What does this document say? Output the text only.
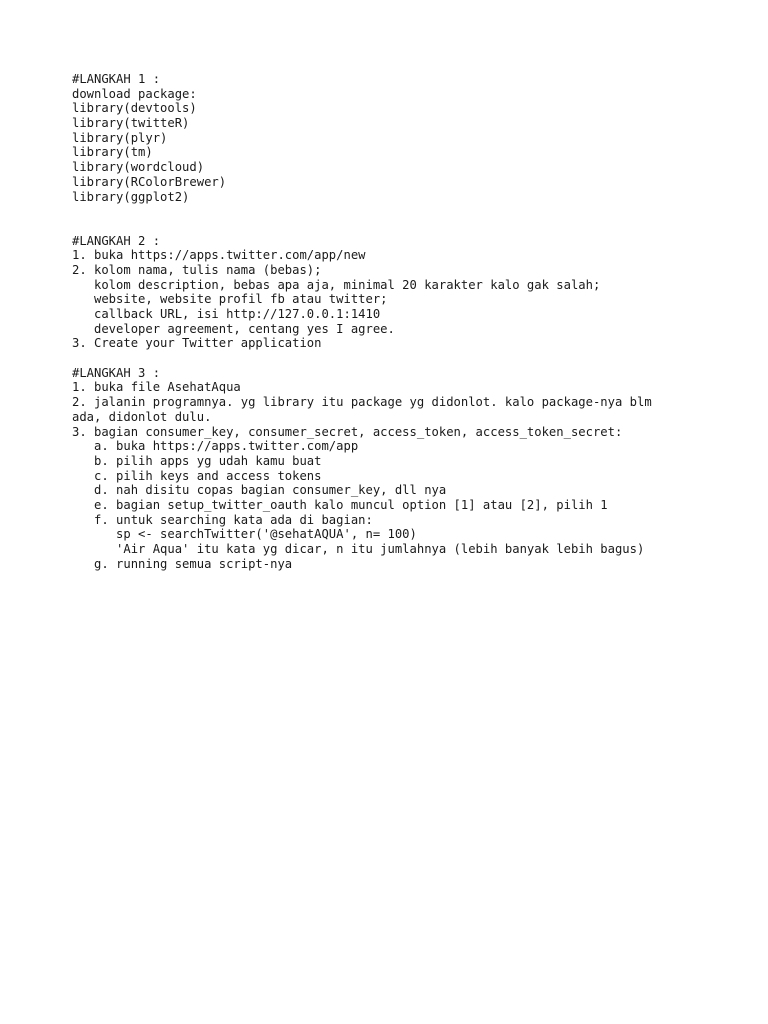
#LANGKAH 1 :
download package:
library(devtools)
library(twitteR)
library(plyr)
library(tm)
library(wordcloud)
library(RColorBrewer)
library(ggplot2)
#LANGKAH 2 :
1. buka https://apps.twitter.com/app/new
2. kolom nama, tulis nama (bebas);
kolom description, bebas apa aja, minimal 20 karakter kalo gak salah;
website, website profil fb atau twitter;
callback URL, isi http://127.0.0.1:1410
developer agreement, centang yes I agree.
3. Create your Twitter application
#LANGKAH 3 :
1. buka file AsehatAqua
2. jalanin programnya. yg library itu package yg didonlot. kalo package-nya blm
ada, didonlot dulu.
3. bagian consumer_key, consumer_secret, access_token, access_token_secret:
a. buka https://apps.twitter.com/app
b. pilih apps yg udah kamu buat
c. pilih keys and access tokens
d. nah disitu copas bagian consumer_key, dll nya
e. bagian setup_twitter_oauth kalo muncul option [1] atau [2], pilih 1
f. untuk searching kata ada di bagian:
sp <- searchTwitter('@sehatAQUA', n= 100)
'Air Aqua' itu kata yg dicar, n itu jumlahnya (lebih banyak lebih bagus)
g. running semua script-nya
